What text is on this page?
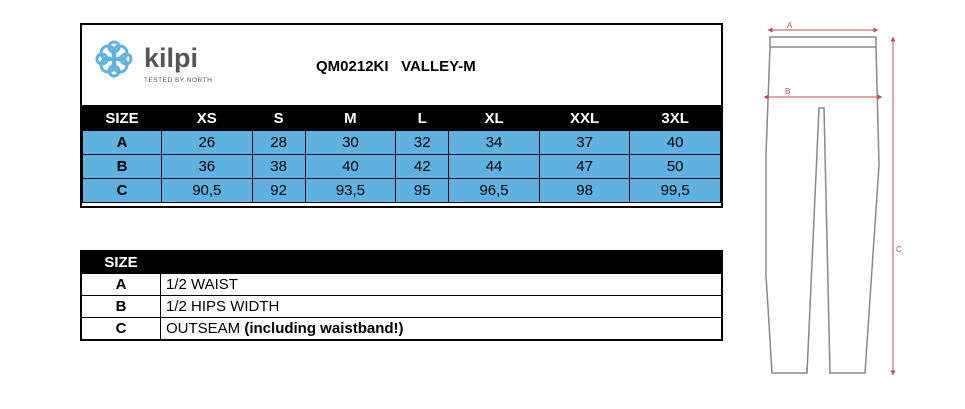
kilpi
TESTED BY NORTH
QM0212KI VALLEY-M
SIZE	XS	S	M	L	XL	XXL	3XL
A	26	28	30	32	34	37	40
B	36	38	40	42	44	47	50
C	90,5	92	93,5	95	96,5	98	99,5
SIZE	
A	1/2 WAIST
B	1/2 HIPS WIDTH
C	OUTSEAM (including waistband!)
A
B
C
